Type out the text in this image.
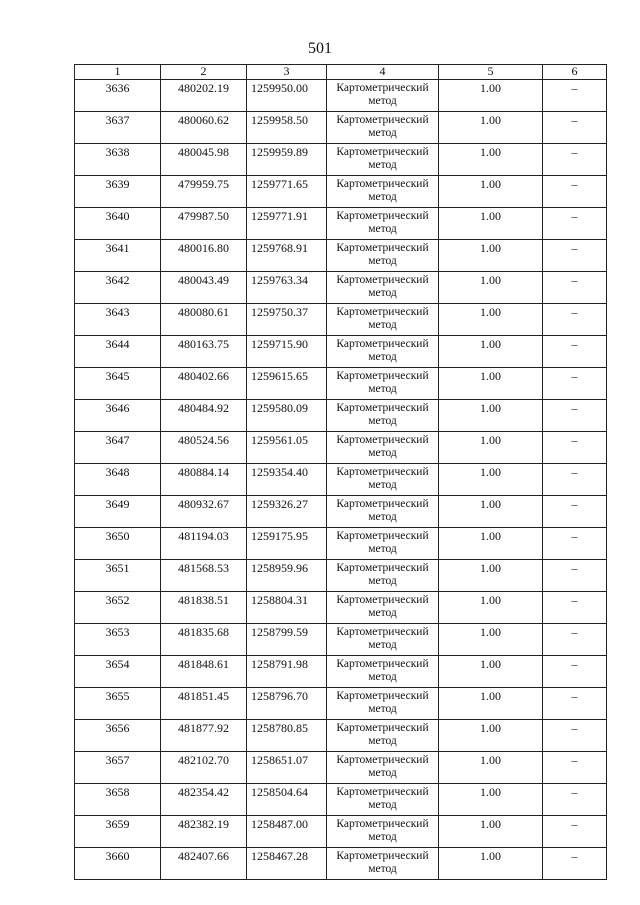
501
1	2	3	4	5	6
3636	480202.19	1259950.00	Картометрический метод	1.00	–
3637	480060.62	1259958.50	Картометрический метод	1.00	–
3638	480045.98	1259959.89	Картометрический метод	1.00	–
3639	479959.75	1259771.65	Картометрический метод	1.00	–
3640	479987.50	1259771.91	Картометрический метод	1.00	–
3641	480016.80	1259768.91	Картометрический метод	1.00	–
3642	480043.49	1259763.34	Картометрический метод	1.00	–
3643	480080.61	1259750.37	Картометрический метод	1.00	–
3644	480163.75	1259715.90	Картометрический метод	1.00	–
3645	480402.66	1259615.65	Картометрический метод	1.00	–
3646	480484.92	1259580.09	Картометрический метод	1.00	–
3647	480524.56	1259561.05	Картометрический метод	1.00	–
3648	480884.14	1259354.40	Картометрический метод	1.00	–
3649	480932.67	1259326.27	Картометрический метод	1.00	–
3650	481194.03	1259175.95	Картометрический метод	1.00	–
3651	481568.53	1258959.96	Картометрический метод	1.00	–
3652	481838.51	1258804.31	Картометрический метод	1.00	–
3653	481835.68	1258799.59	Картометрический метод	1.00	–
3654	481848.61	1258791.98	Картометрический метод	1.00	–
3655	481851.45	1258796.70	Картометрический метод	1.00	–
3656	481877.92	1258780.85	Картометрический метод	1.00	–
3657	482102.70	1258651.07	Картометрический метод	1.00	–
3658	482354.42	1258504.64	Картометрический метод	1.00	–
3659	482382.19	1258487.00	Картометрический метод	1.00	–
3660	482407.66	1258467.28	Картометрический метод	1.00	–
